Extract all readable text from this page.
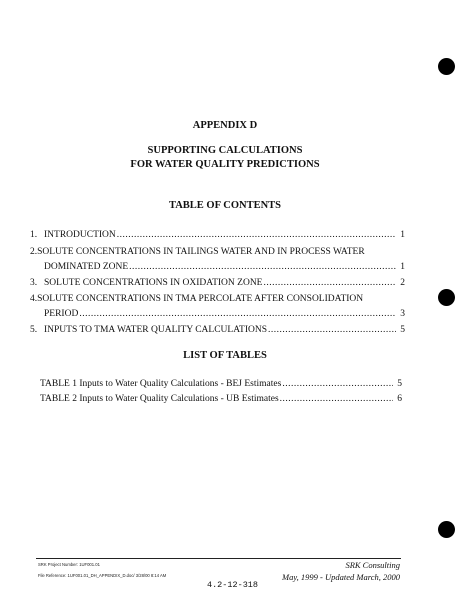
APPENDIX D
SUPPORTING CALCULATIONS
FOR WATER QUALITY PREDICTIONS
TABLE OF CONTENTS
1. INTRODUCTION .....	1
2. SOLUTE CONCENTRATIONS IN TAILINGS WATER AND IN PROCESS WATER
DOMINATED ZONE .....	1
3. SOLUTE CONCENTRATIONS IN OXIDATION ZONE .....	2
4. SOLUTE CONCENTRATIONS IN TMA PERCOLATE AFTER CONSOLIDATION
PERIOD .....	3
5. INPUTS TO TMA WATER QUALITY CALCULATIONS .....	5
LIST OF TABLES
TABLE 1 Inputs to Water Quality Calculations - BEJ Estimates .....	5
TABLE 2 Inputs to Water Quality Calculations - UB Estimates .....	6
SRK Project Number: 1UF001.01
File Reference: 1UF001.01_DH_APPENDIX_D.doc/ 3/28/00 8:14 AM
SRK Consulting
May, 1999 - Updated March, 2000
4.2-12-318
